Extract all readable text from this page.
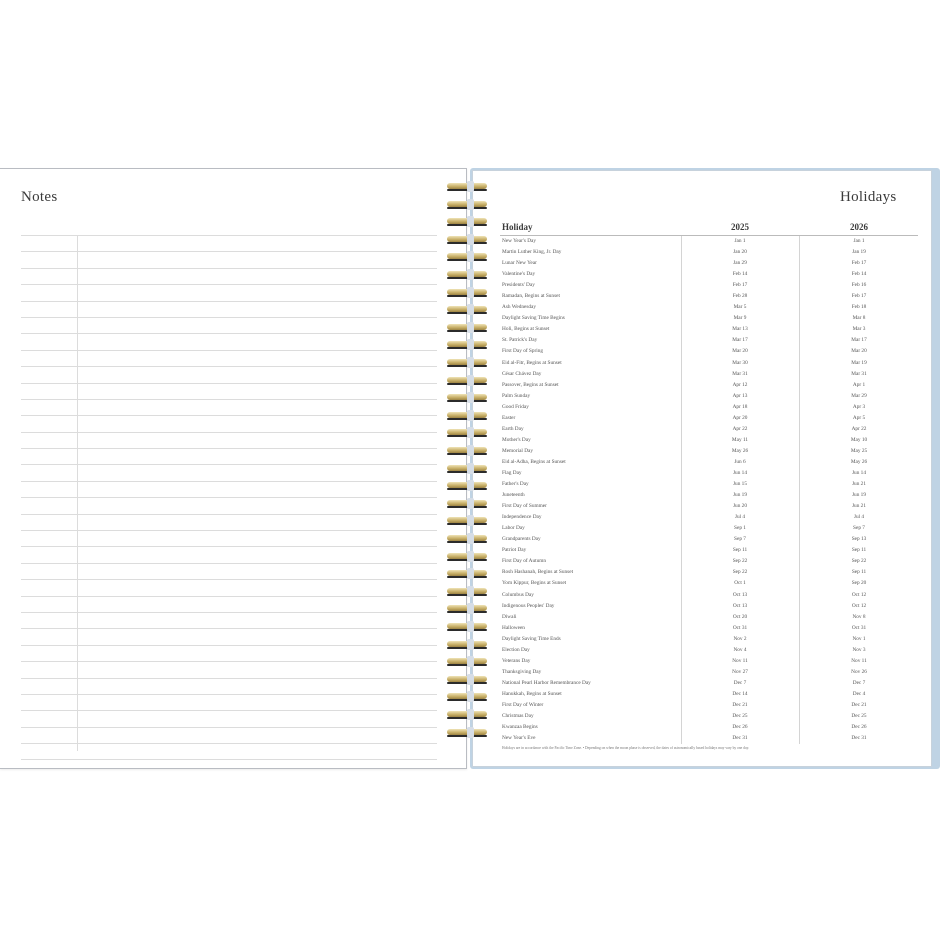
Notes	Holidays
Holiday	2025	2026
New Year's Day	Jan 1	Jan 1
Martin Luther King, Jr. Day	Jan 20	Jan 19
Lunar New Year	Jan 29	Feb 17
Valentine's Day	Feb 14	Feb 14
Presidents' Day	Feb 17	Feb 16
Ramadan, Begins at Sunset	Feb 28	Feb 17
Ash Wednesday	Mar 5	Feb 18
Daylight Saving Time Begins	Mar 9	Mar 8
Holi, Begins at Sunset	Mar 13	Mar 3
St. Patrick's Day	Mar 17	Mar 17
First Day of Spring	Mar 20	Mar 20
Eid al-Fitr, Begins at Sunset	Mar 30	Mar 19
César Chávez Day	Mar 31	Mar 31
Passover, Begins at Sunset	Apr 12	Apr 1
Palm Sunday	Apr 13	Mar 29
Good Friday	Apr 18	Apr 3
Easter	Apr 20	Apr 5
Earth Day	Apr 22	Apr 22
Mother's Day	May 11	May 10
Memorial Day	May 26	May 25
Eid al-Adha, Begins at Sunset	Jun 6	May 26
Flag Day	Jun 14	Jun 14
Father's Day	Jun 15	Jun 21
Juneteenth	Jun 19	Jun 19
First Day of Summer	Jun 20	Jun 21
Independence Day	Jul 4	Jul 4
Labor Day	Sep 1	Sep 7
Grandparents Day	Sep 7	Sep 13
Patriot Day	Sep 11	Sep 11
First Day of Autumn	Sep 22	Sep 22
Rosh Hashanah, Begins at Sunset	Sep 22	Sep 11
Yom Kippur, Begins at Sunset	Oct 1	Sep 20
Columbus Day	Oct 13	Oct 12
Indigenous Peoples' Day	Oct 13	Oct 12
Diwali	Oct 20	Nov 8
Halloween	Oct 31	Oct 31
Daylight Saving Time Ends	Nov 2	Nov 1
Election Day	Nov 4	Nov 3
Veterans Day	Nov 11	Nov 11
Thanksgiving Day	Nov 27	Nov 26
National Pearl Harbor Remembrance Day	Dec 7	Dec 7
Hanukkah, Begins at Sunset	Dec 14	Dec 4
First Day of Winter	Dec 21	Dec 21
Christmas Day	Dec 25	Dec 25
Kwanzaa Begins	Dec 26	Dec 26
New Year's Eve	Dec 31	Dec 31
Holidays are in accordance with the Pacific Time Zone. • Depending on when the moon phase is observed, the dates of astronomically based holidays may vary by one day.
